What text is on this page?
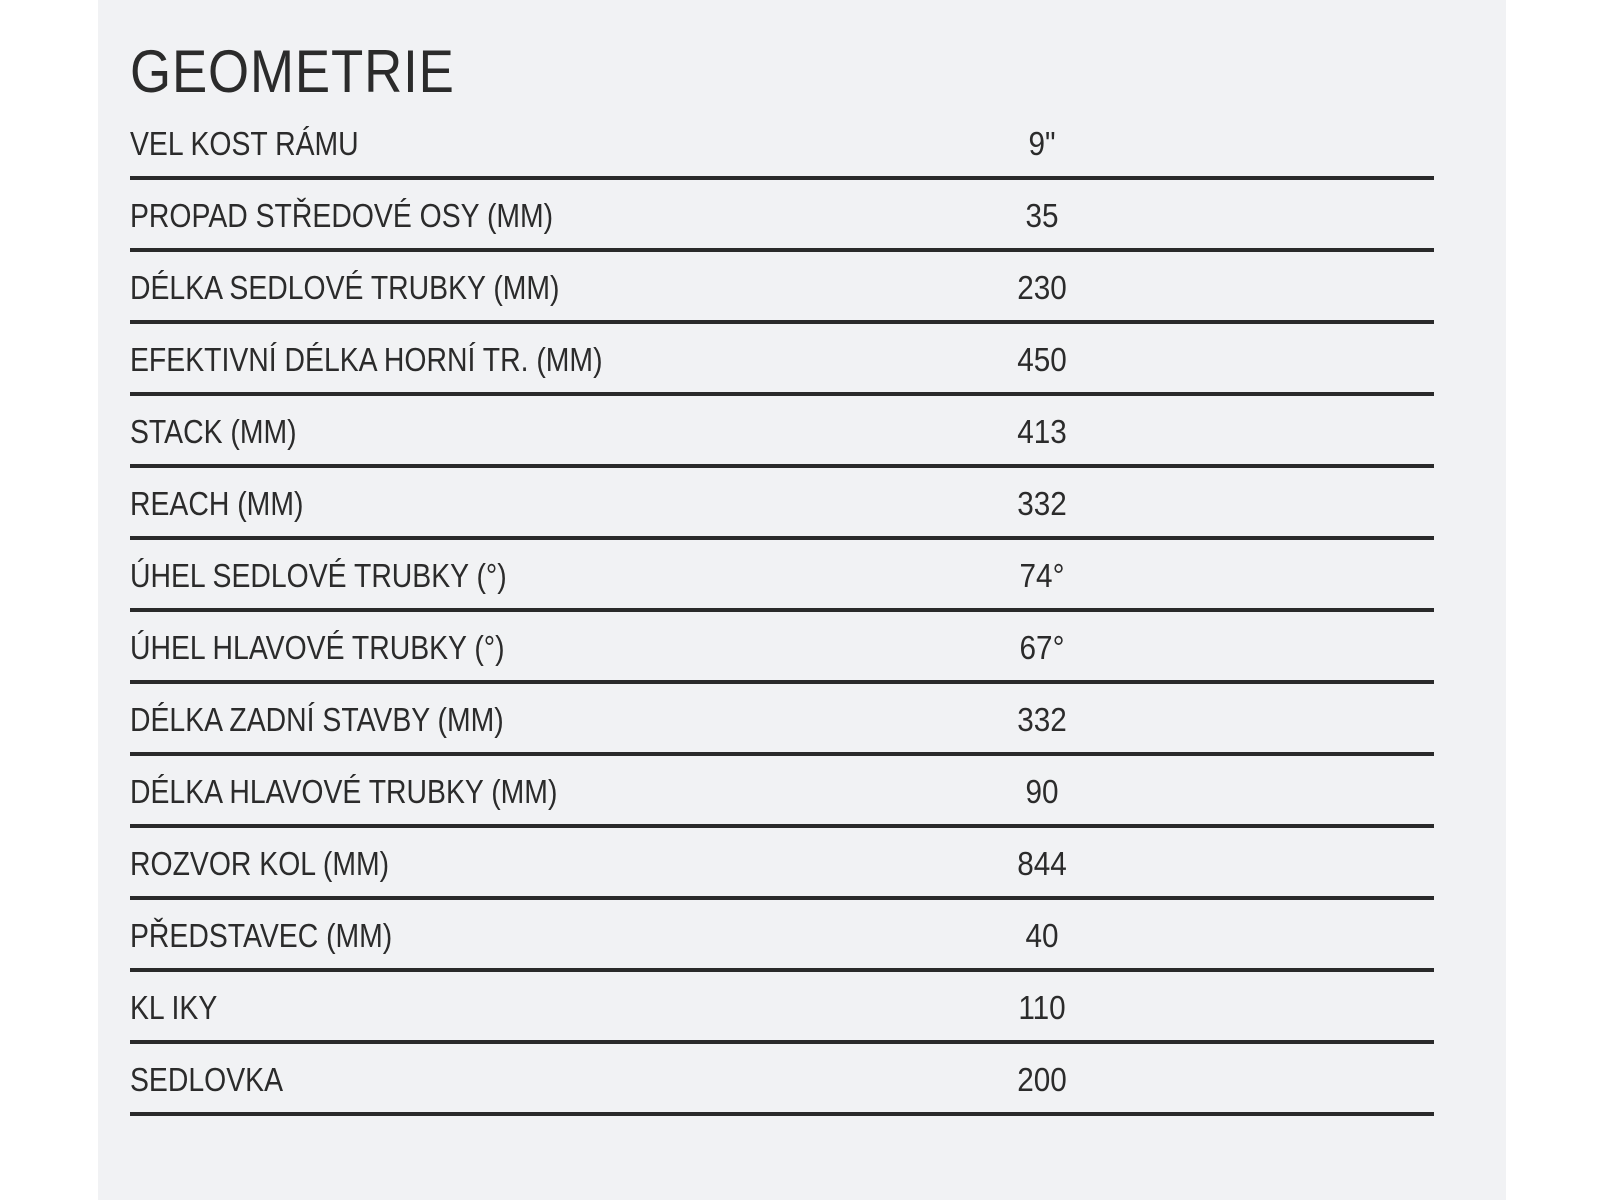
GEOMETRIE
VEL KOST RÁMU	9"
PROPAD STŘEDOVÉ OSY (MM)	35
DÉLKA SEDLOVÉ TRUBKY (MM)	230
EFEKTIVNÍ DÉLKA HORNÍ TR. (MM)	450
STACK (MM)	413
REACH (MM)	332
ÚHEL SEDLOVÉ TRUBKY (°)	74°
ÚHEL HLAVOVÉ TRUBKY (°)	67°
DÉLKA ZADNÍ STAVBY (MM)	332
DÉLKA HLAVOVÉ TRUBKY (MM)	90
ROZVOR KOL (MM)	844
PŘEDSTAVEC (MM)	40
KL IKY	110
SEDLOVKA	200
